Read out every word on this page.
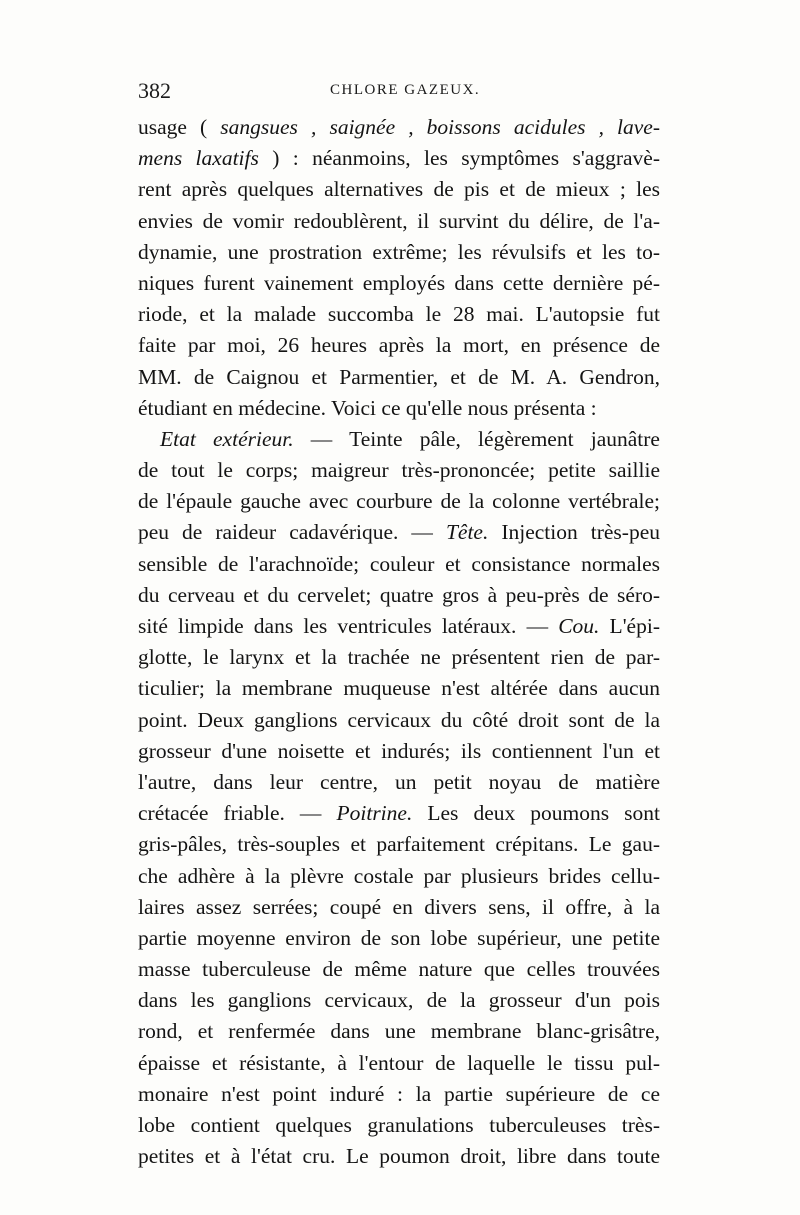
382	CHLORE GAZEUX.
usage ( sangsues , saignée , boissons acidules , lave-
mens laxatifs ) : néanmoins, les symptômes s'aggravè-
rent après quelques alternatives de pis et de mieux ; les
envies de vomir redoublèrent, il survint du délire, de l'a-
dynamie, une prostration extrême; les révulsifs et les to-
niques furent vainement employés dans cette dernière pé-
riode, et la malade succomba le 28 mai. L'autopsie fut
faite par moi, 26 heures après la mort, en présence de
MM. de Caignou et Parmentier, et de M. A. Gendron,
étudiant en médecine. Voici ce qu'elle nous présenta :
Etat extérieur. — Teinte pâle, légèrement jaunâtre
de tout le corps; maigreur très-prononcée; petite saillie
de l'épaule gauche avec courbure de la colonne vertébrale;
peu de raideur cadavérique. — Tête. Injection très-peu
sensible de l'arachnoïde; couleur et consistance normales
du cerveau et du cervelet; quatre gros à peu-près de séro-
sité limpide dans les ventricules latéraux. — Cou. L'épi-
glotte, le larynx et la trachée ne présentent rien de par-
ticulier; la membrane muqueuse n'est altérée dans aucun
point. Deux ganglions cervicaux du côté droit sont de la
grosseur d'une noisette et indurés; ils contiennent l'un et
l'autre, dans leur centre, un petit noyau de matière
crétacée friable. — Poitrine. Les deux poumons sont
gris-pâles, très-souples et parfaitement crépitans. Le gau-
che adhère à la plèvre costale par plusieurs brides cellu-
laires assez serrées; coupé en divers sens, il offre, à la
partie moyenne environ de son lobe supérieur, une petite
masse tuberculeuse de même nature que celles trouvées
dans les ganglions cervicaux, de la grosseur d'un pois
rond, et renfermée dans une membrane blanc-grisâtre,
épaisse et résistante, à l'entour de laquelle le tissu pul-
monaire n'est point induré : la partie supérieure de ce
lobe contient quelques granulations tuberculeuses très-
petites et à l'état cru. Le poumon droit, libre dans toute
